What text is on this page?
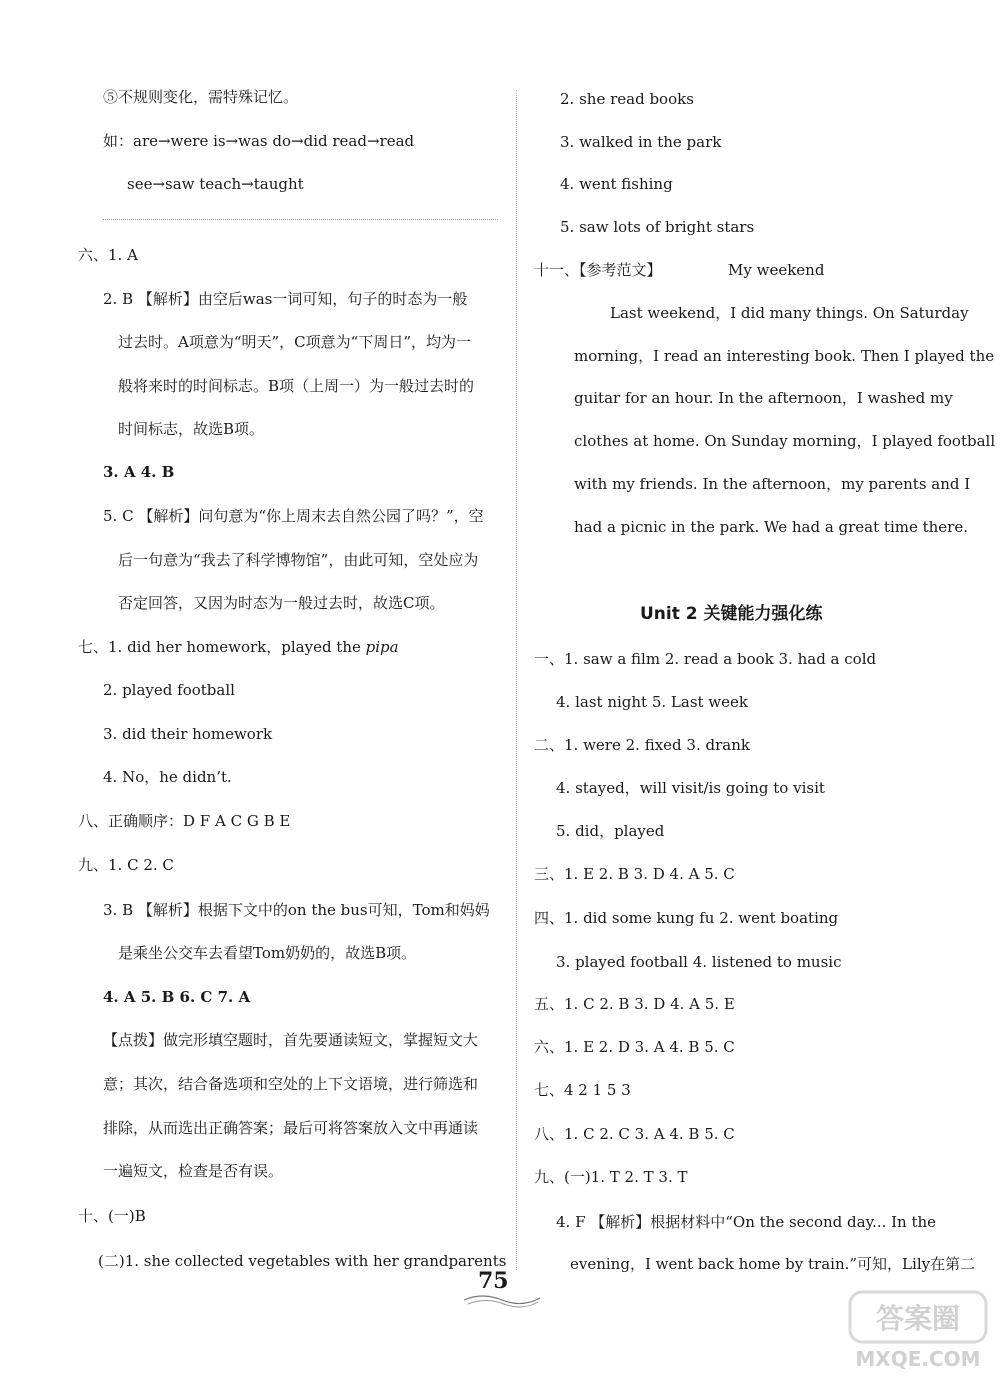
⑤不规则变化，需特殊记忆。
如：are→were is→was do→did read→read
see→saw teach→taught
六、1. A
2. B 【解析】由空后was一词可知，句子的时态为一般
过去时。A项意为“明天”，C项意为“下周日”，均为一
般将来时的时间标志。B项（上周一）为一般过去时的
时间标志，故选B项。
3. A 4. B
5. C 【解析】问句意为“你上周末去自然公园了吗？”，空
后一句意为“我去了科学博物馆”，由此可知，空处应为
否定回答，又因为时态为一般过去时，故选C项。
七、1. did her homework，played the pipa
2. played football
3. did their homework
4. No，he didn’t.
八、正确顺序：D F A C G B E
九、1. C 2. C
3. B 【解析】根据下文中的on the bus可知，Tom和妈妈
是乘坐公交车去看望Tom奶奶的，故选B项。
4. A 5. B 6. C 7. A
【点拨】做完形填空题时，首先要通读短文，掌握短文大
意；其次，结合备选项和空处的上下文语境，进行筛选和
排除，从而选出正确答案；最后可将答案放入文中再通读
一遍短文，检查是否有误。
十、(一)B
(二)1. she collected vegetables with her grandparents
2. she read books
3. walked in the park
4. went fishing
5. saw lots of bright stars
十一、【参考范文】	My weekend
Last weekend，I did many things. On Saturday
morning，I read an interesting book. Then I played the
guitar for an hour. In the afternoon，I washed my
clothes at home. On Sunday morning，I played football
with my friends. In the afternoon，my parents and I
had a picnic in the park. We had a great time there.
Unit 2 关键能力强化练
一、1. saw a film 2. read a book 3. had a cold
4. last night 5. Last week
二、1. were 2. fixed 3. drank
4. stayed，will visit/is going to visit
5. did，played
三、1. E 2. B 3. D 4. A 5. C
四、1. did some kung fu 2. went boating
3. played football 4. listened to music
五、1. C 2. B 3. D 4. A 5. E
六、1. E 2. D 3. A 4. B 5. C
七、4 2 1 5 3
八、1. C 2. C 3. A 4. B 5. C
九、(一)1. T 2. T 3. T
4. F 【解析】根据材料中“On the second day... In the
evening，I went back home by train.”可知，Lily在第二
75
答案圈
MXQE.COM
